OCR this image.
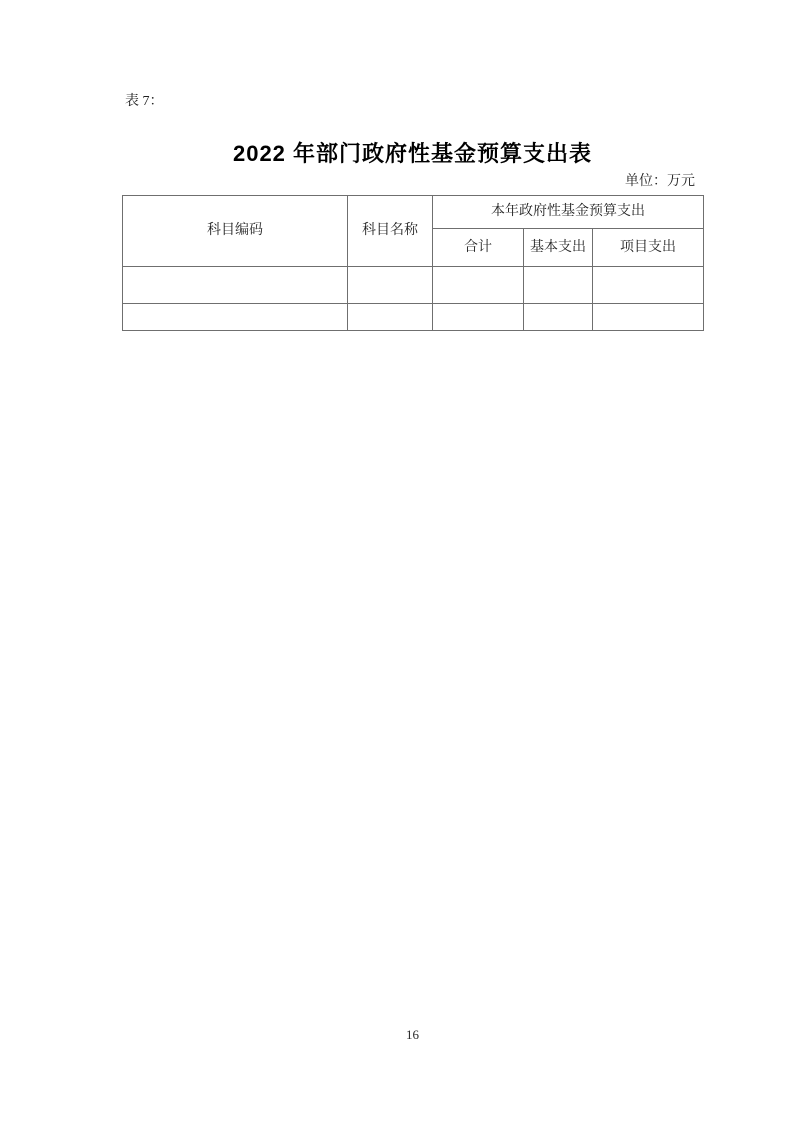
表 7：
2022 年部门政府性基金预算支出表
单位：万元
科目编码	科目名称	本年政府性基金预算支出		
		合计	基本支出	项目支出

16
